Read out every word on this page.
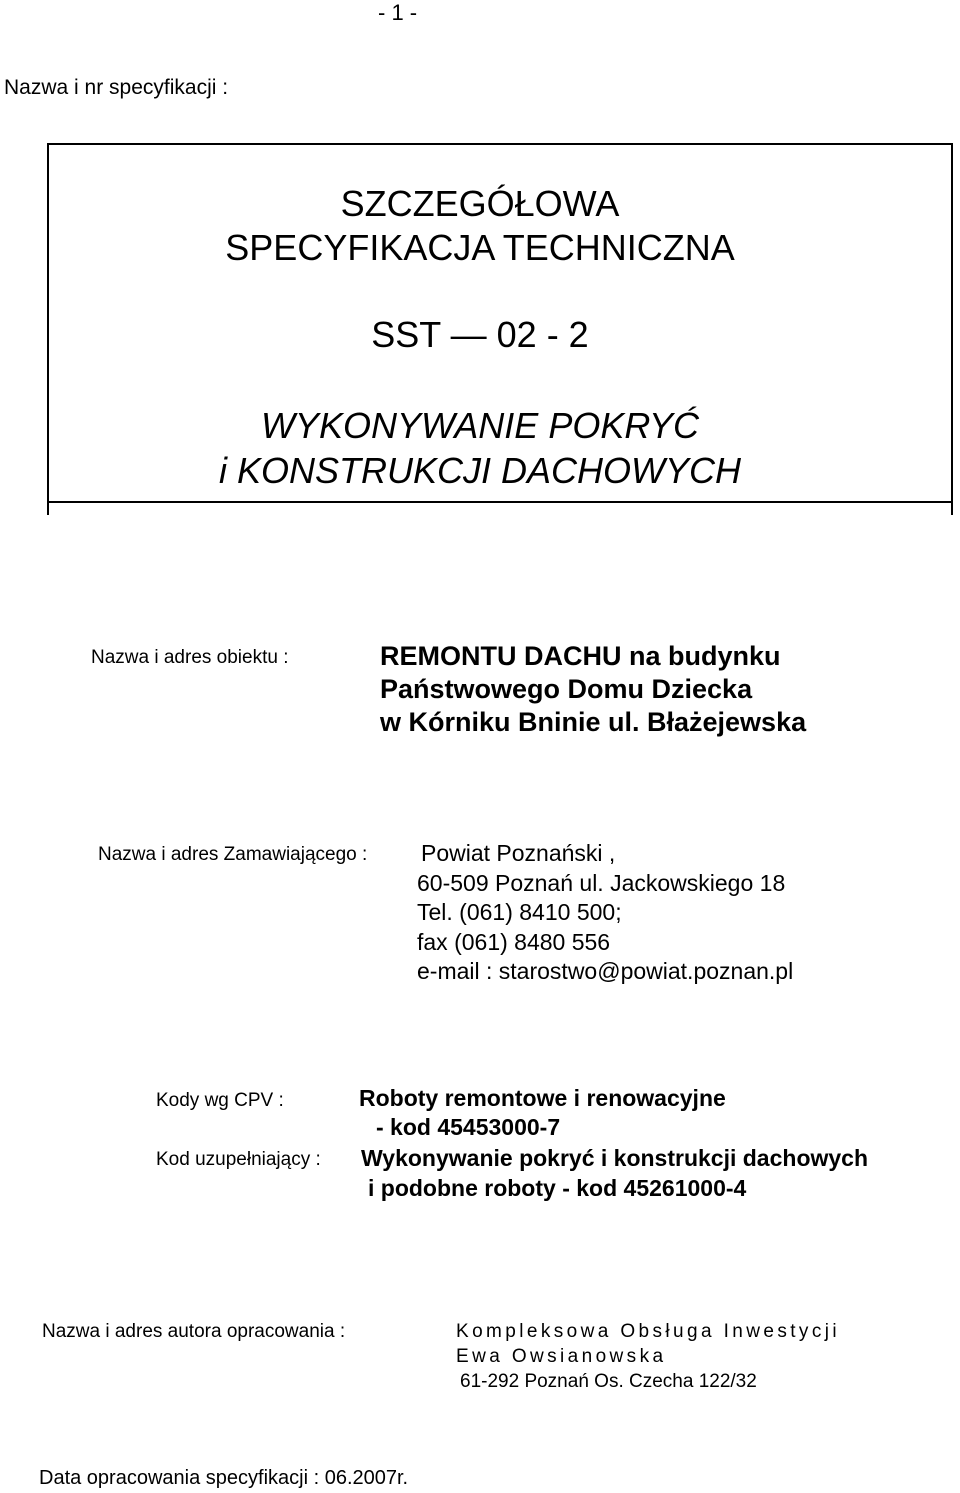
- 1 -
Nazwa i nr specyfikacji :
SZCZEGÓŁOWA
SPECYFIKACJA TECHNICZNA
SST — 02 - 2
WYKONYWANIE POKRYĆ
i KONSTRUKCJI DACHOWYCH
Nazwa i adres obiektu :	REMONTU DACHU na budynku
Państwowego Domu Dziecka
w Kórniku Bninie ul. Błażejewska
Nazwa i adres Zamawiającego : Powiat Poznański ,
60-509 Poznań ul. Jackowskiego 18
Tel. (061) 8410 500;
fax (061) 8480 556
e-mail : starostwo@powiat.poznan.pl
Kody wg CPV :	Roboty remontowe i renowacyjne
- kod 45453000-7
Kod uzupełniający : Wykonywanie pokryć i konstrukcji dachowych
i podobne roboty - kod 45261000-4
Nazwa i adres autora opracowania :	Kompleksowa Obsługa Inwestycji
Ewa Owsianowska
61-292 Poznań Os. Czecha 122/32
Data opracowania specyfikacji : 06.2007r.
